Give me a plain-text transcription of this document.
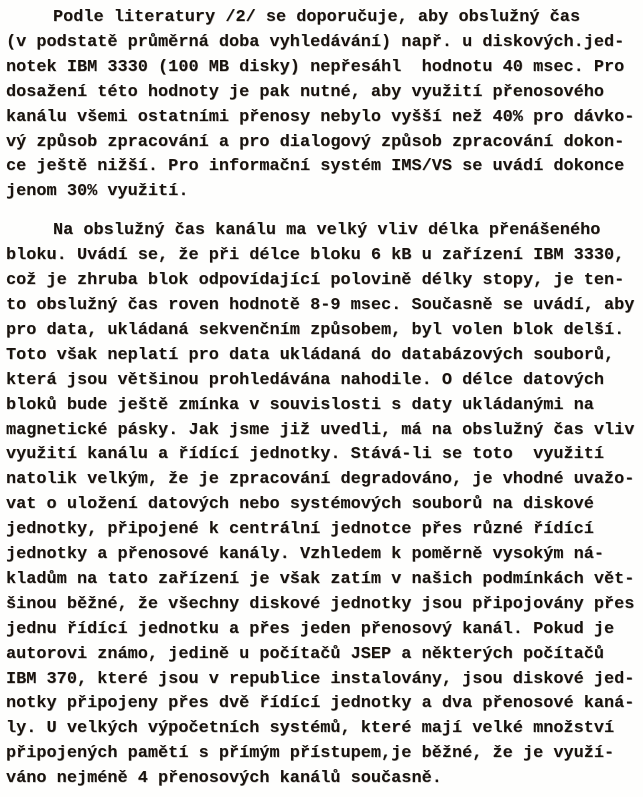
Podle literatury /2/ se doporučuje, aby obslužný čas
(v podstatě průměrná doba vyhledávání) např. u diskových.jed-
notek IBM 3330 (100 MB disky) nepřesáhl  hodnotu 40 msec. Pro
dosažení této hodnoty je pak nutné, aby využití přenosového
kanálu všemi ostatními přenosy nebylo vyšší než 40% pro dávko-
vý způsob zpracování a pro dialogový způsob zpracování dokon-
ce ještě nižší. Pro informační systém IMS/VS se uvádí dokonce
jenom 30% využití.

Na obslužný čas kanálu ma velký vliv délka přenášeného
bloku. Uvádí se, že při délce bloku 6 kB u zařízení IBM 3330,
což je zhruba blok odpovídající polovině délky stopy, je ten-
to obslužný čas roven hodnotě 8-9 msec. Současně se uvádí, aby
pro data, ukládaná sekvenčním způsobem, byl volen blok delší.
Toto však neplatí pro data ukládaná do databázových souborů,
která jsou většinou prohledávána nahodile. O délce datových
bloků bude ještě zmínka v souvislosti s daty ukládanými na
magnetické pásky. Jak jsme již uvedli, má na obslužný čas vliv
využití kanálu a řídící jednotky. Stává-li se toto  využití
natolik velkým, že je zpracování degradováno, je vhodné uvažo-
vat o uložení datových nebo systémových souborů na diskové
jednotky, připojené k centrální jednotce přes různé řídící
jednotky a přenosové kanály. Vzhledem k poměrně vysokým ná-
kladům na tato zařízení je však zatím v našich podmínkách vět-
šinou běžné, že všechny diskové jednotky jsou připojovány přes
jednu řídící jednotku a přes jeden přenosový kanál. Pokud je
autorovi známo, jedině u počítačů JSEP a některých počítačů
IBM 370, které jsou v republice instalovány, jsou diskové jed-
notky připojeny přes dvě řídící jednotky a dva přenosové kaná-
ly. U velkých výpočetních systémů, které mají velké množství
připojených pamětí s přímým přístupem,je běžné, že je využí-
váno nejméně 4 přenosových kanálů současně.
